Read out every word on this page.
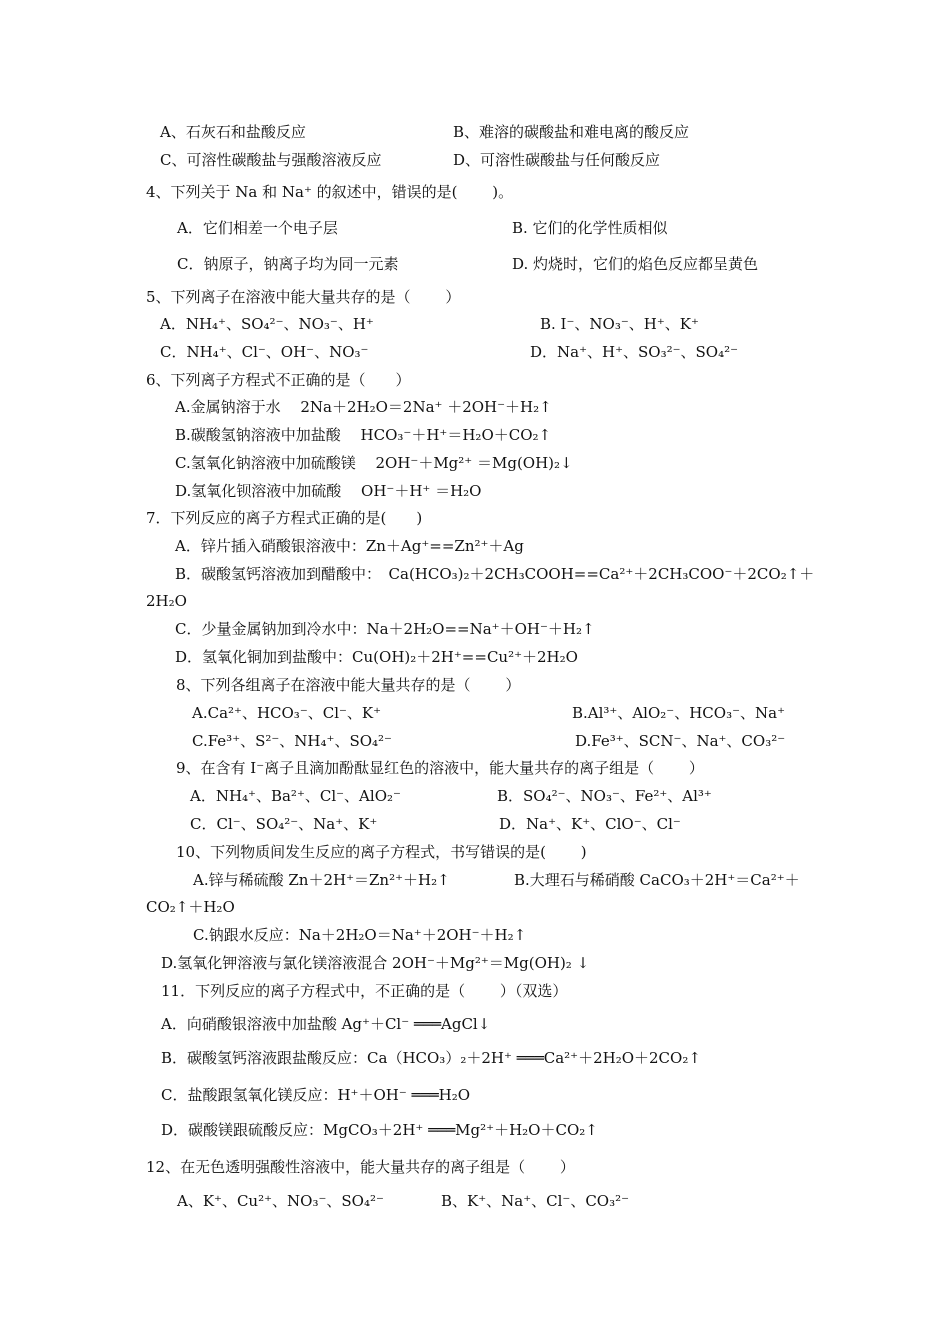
A、石灰石和盐酸反应	B、难溶的碳酸盐和难电离的酸反应
C、可溶性碳酸盐与强酸溶液反应	D、可溶性碳酸盐与任何酸反应
4、下列关于 Na 和 Na⁺ 的叙述中，错误的是(　　 )。
A．它们相差一个电子层	B. 它们的化学性质相似
C．钠原子，钠离子均为同一元素	D. 灼烧时，它们的焰色反应都呈黄色
5、下列离子在溶液中能大量共存的是（　　 ）
A．NH₄⁺、SO₄²⁻、NO₃⁻、H⁺	B. I⁻、NO₃⁻、H⁺、K⁺
C．NH₄⁺、Cl⁻、OH⁻、NO₃⁻	D．Na⁺、H⁺、SO₃²⁻、SO₄²⁻
6、下列离子方程式不正确的是（　　）
A.金属钠溶于水　 2Na＋2H₂O＝2Na⁺ ＋2OH⁻＋H₂↑
B.碳酸氢钠溶液中加盐酸　 HCO₃⁻＋H⁺＝H₂O＋CO₂↑
C.氢氧化钠溶液中加硫酸镁　 2OH⁻＋Mg²⁺ ＝Mg(OH)₂↓
D.氢氧化钡溶液中加硫酸　 OH⁻＋H⁺ ＝H₂O
7．下列反应的离子方程式正确的是(　　)
A．锌片插入硝酸银溶液中：Zn＋Ag⁺==Zn²⁺＋Ag
B．碳酸氢钙溶液加到醋酸中：　Ca(HCO₃)₂＋2CH₃COOH==Ca²⁺＋2CH₃COO⁻＋2CO₂↑＋
2H₂O
C．少量金属钠加到冷水中：Na＋2H₂O==Na⁺＋OH⁻＋H₂↑
D．氢氧化铜加到盐酸中：Cu(OH)₂＋2H⁺==Cu²⁺＋2H₂O
8、下列各组离子在溶液中能大量共存的是（　　 ）
A.Ca²⁺、HCO₃⁻、Cl⁻、K⁺	B.Al³⁺、AlO₂⁻、HCO₃⁻、Na⁺
C.Fe³⁺、S²⁻、NH₄⁺、SO₄²⁻	D.Fe³⁺、SCN⁻、Na⁺、CO₃²⁻
9、在含有 I⁻离子且滴加酚酞显红色的溶液中，能大量共存的离子组是（　　 ）
A．NH₄⁺、Ba²⁺、Cl⁻、AlO₂⁻	B．SO₄²⁻、NO₃⁻、Fe²⁺、Al³⁺
C．Cl⁻、SO₄²⁻、Na⁺、K⁺	D．Na⁺、K⁺、ClO⁻、Cl⁻
10、下列物质间发生反应的离子方程式，书写错误的是(　　 )
A.锌与稀硫酸 Zn＋2H⁺＝Zn²⁺＋H₂↑	B.大理石与稀硝酸 CaCO₃＋2H⁺＝Ca²⁺＋
CO₂↑＋H₂O
C.钠跟水反应：Na＋2H₂O＝Na⁺＋2OH⁻＋H₂↑
D.氢氧化钾溶液与氯化镁溶液混合 2OH⁻＋Mg²⁺＝Mg(OH)₂ ↓
11．下列反应的离子方程式中，不正确的是（　　 ）（双选）
A．向硝酸银溶液中加盐酸 Ag⁺＋Cl⁻ ═══AgCl↓
B．碳酸氢钙溶液跟盐酸反应：Ca（HCO₃）₂＋2H⁺ ═══Ca²⁺＋2H₂O＋2CO₂↑
C．盐酸跟氢氧化镁反应：H⁺＋OH⁻ ═══H₂O
D．碳酸镁跟硫酸反应：MgCO₃＋2H⁺ ═══Mg²⁺＋H₂O＋CO₂↑
12、在无色透明强酸性溶液中，能大量共存的离子组是（　　 ）
A、K⁺、Cu²⁺、NO₃⁻、SO₄²⁻	B、K⁺、Na⁺、Cl⁻、CO₃²⁻
